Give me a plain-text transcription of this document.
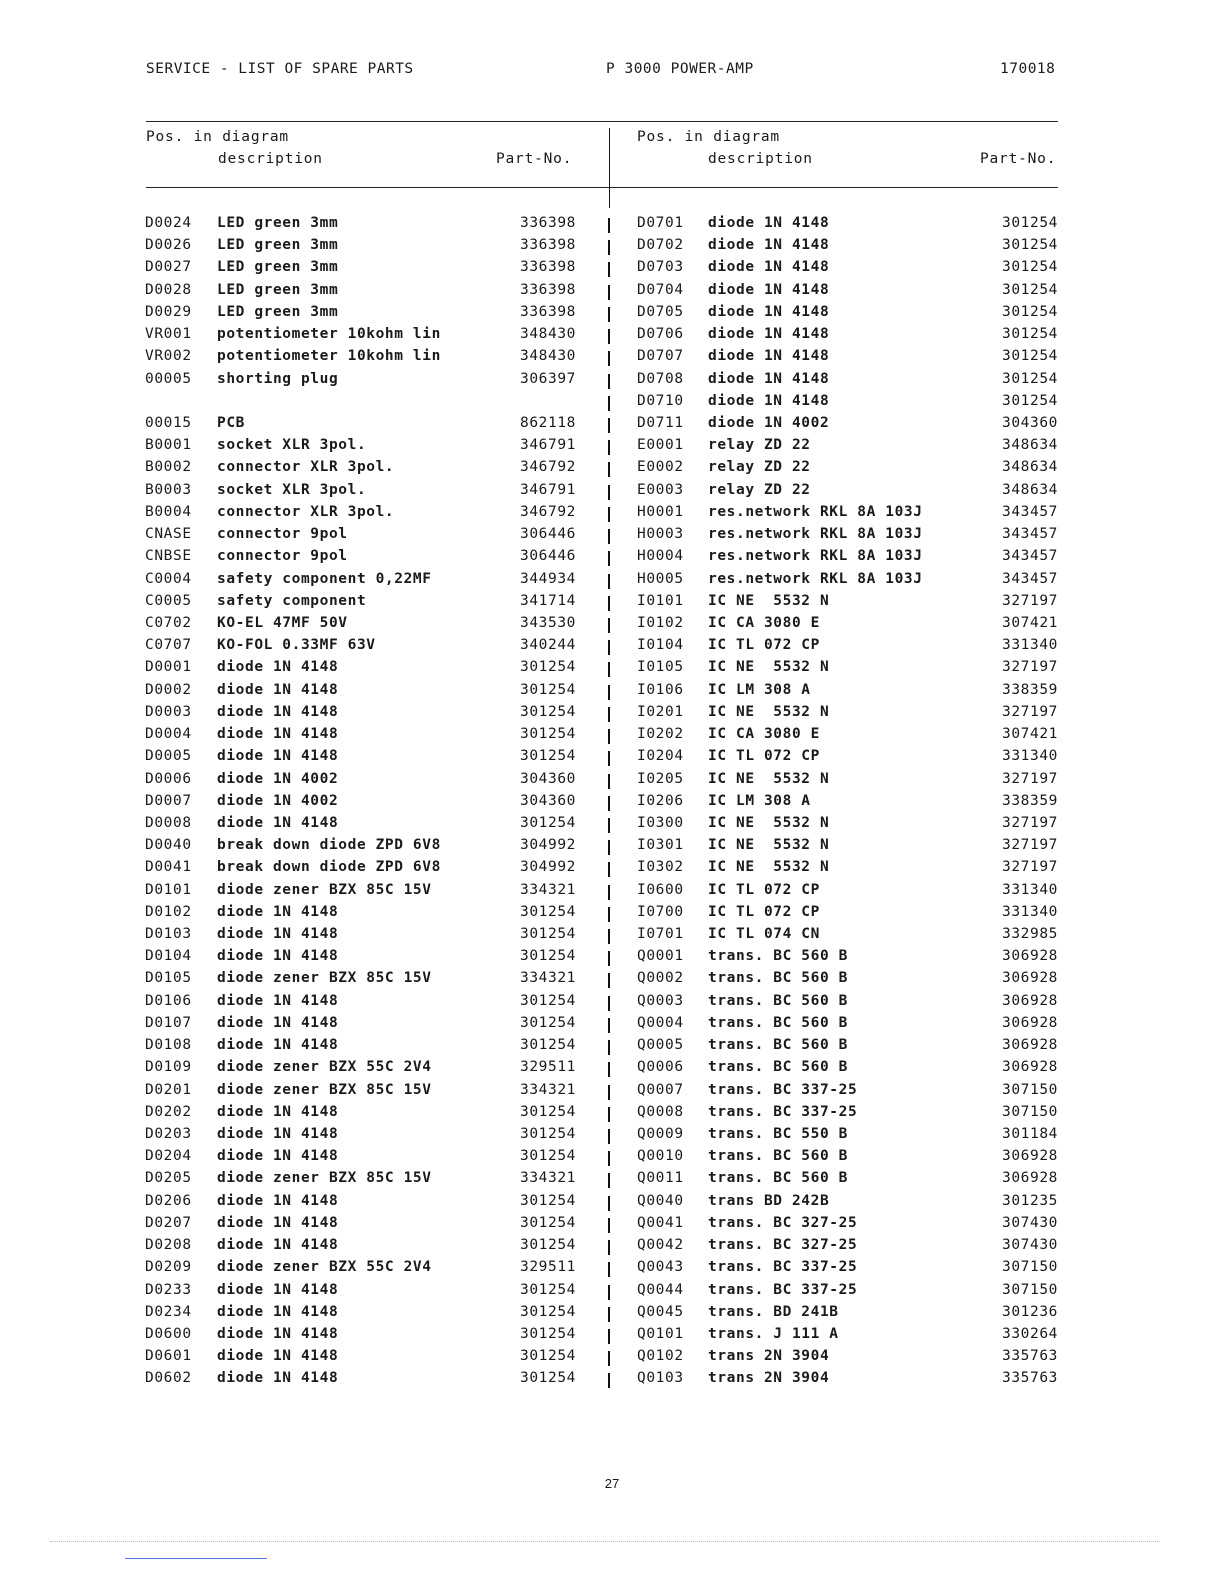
SERVICE - LIST OF SPARE PARTS	P 3000 POWER-AMP	170018
Pos. in diagram
description	Part-No.
Pos. in diagram
description	Part-No.
D0024 LED green 3mm	336398	D0701 diode 1N 4148	301254
D0026 LED green 3mm	336398	D0702 diode 1N 4148	301254
D0027 LED green 3mm	336398	D0703 diode 1N 4148	301254
D0028 LED green 3mm	336398	D0704 diode 1N 4148	301254
D0029 LED green 3mm	336398	D0705 diode 1N 4148	301254
VR001 potentiometer 10kohm lin	348430	D0706 diode 1N 4148	301254
VR002 potentiometer 10kohm lin	348430	D0707 diode 1N 4148	301254
00005 shorting plug	306397	D0708 diode 1N 4148	301254
D0710 diode 1N 4148	301254
00015 PCB	862118	D0711 diode 1N 4002	304360
B0001 socket XLR 3pol.	346791	E0001 relay ZD 22	348634
B0002 connector XLR 3pol.	346792	E0002 relay ZD 22	348634
B0003 socket XLR 3pol.	346791	E0003 relay ZD 22	348634
B0004 connector XLR 3pol.	346792	H0001 res.network RKL 8A 103J	343457
CNASE connector 9pol	306446	H0003 res.network RKL 8A 103J	343457
CNBSE connector 9pol	306446	H0004 res.network RKL 8A 103J	343457
C0004 safety component 0,22MF	344934	H0005 res.network RKL 8A 103J	343457
C0005 safety component	341714	I0101 IC NE  5532 N	327197
C0702 KO-EL 47MF 50V	343530	I0102 IC CA 3080 E	307421
C0707 KO-FOL 0.33MF 63V	340244	I0104 IC TL 072 CP	331340
D0001 diode 1N 4148	301254	I0105 IC NE  5532 N	327197
D0002 diode 1N 4148	301254	I0106 IC LM 308 A	338359
D0003 diode 1N 4148	301254	I0201 IC NE  5532 N	327197
D0004 diode 1N 4148	301254	I0202 IC CA 3080 E	307421
D0005 diode 1N 4148	301254	I0204 IC TL 072 CP	331340
D0006 diode 1N 4002	304360	I0205 IC NE  5532 N	327197
D0007 diode 1N 4002	304360	I0206 IC LM 308 A	338359
D0008 diode 1N 4148	301254	I0300 IC NE  5532 N	327197
D0040 break down diode ZPD 6V8	304992	I0301 IC NE  5532 N	327197
D0041 break down diode ZPD 6V8	304992	I0302 IC NE  5532 N	327197
D0101 diode zener BZX 85C 15V	334321	I0600 IC TL 072 CP	331340
D0102 diode 1N 4148	301254	I0700 IC TL 072 CP	331340
D0103 diode 1N 4148	301254	I0701 IC TL 074 CN	332985
D0104 diode 1N 4148	301254	Q0001 trans. BC 560 B	306928
D0105 diode zener BZX 85C 15V	334321	Q0002 trans. BC 560 B	306928
D0106 diode 1N 4148	301254	Q0003 trans. BC 560 B	306928
D0107 diode 1N 4148	301254	Q0004 trans. BC 560 B	306928
D0108 diode 1N 4148	301254	Q0005 trans. BC 560 B	306928
D0109 diode zener BZX 55C 2V4	329511	Q0006 trans. BC 560 B	306928
D0201 diode zener BZX 85C 15V	334321	Q0007 trans. BC 337-25	307150
D0202 diode 1N 4148	301254	Q0008 trans. BC 337-25	307150
D0203 diode 1N 4148	301254	Q0009 trans. BC 550 B	301184
D0204 diode 1N 4148	301254	Q0010 trans. BC 560 B	306928
D0205 diode zener BZX 85C 15V	334321	Q0011 trans. BC 560 B	306928
D0206 diode 1N 4148	301254	Q0040 trans BD 242B	301235
D0207 diode 1N 4148	301254	Q0041 trans. BC 327-25	307430
D0208 diode 1N 4148	301254	Q0042 trans. BC 327-25	307430
D0209 diode zener BZX 55C 2V4	329511	Q0043 trans. BC 337-25	307150
D0233 diode 1N 4148	301254	Q0044 trans. BC 337-25	307150
D0234 diode 1N 4148	301254	Q0045 trans. BD 241B	301236
D0600 diode 1N 4148	301254	Q0101 trans. J 111 A	330264
D0601 diode 1N 4148	301254	Q0102 trans 2N 3904	335763
D0602 diode 1N 4148	301254	Q0103 trans 2N 3904	335763
27
